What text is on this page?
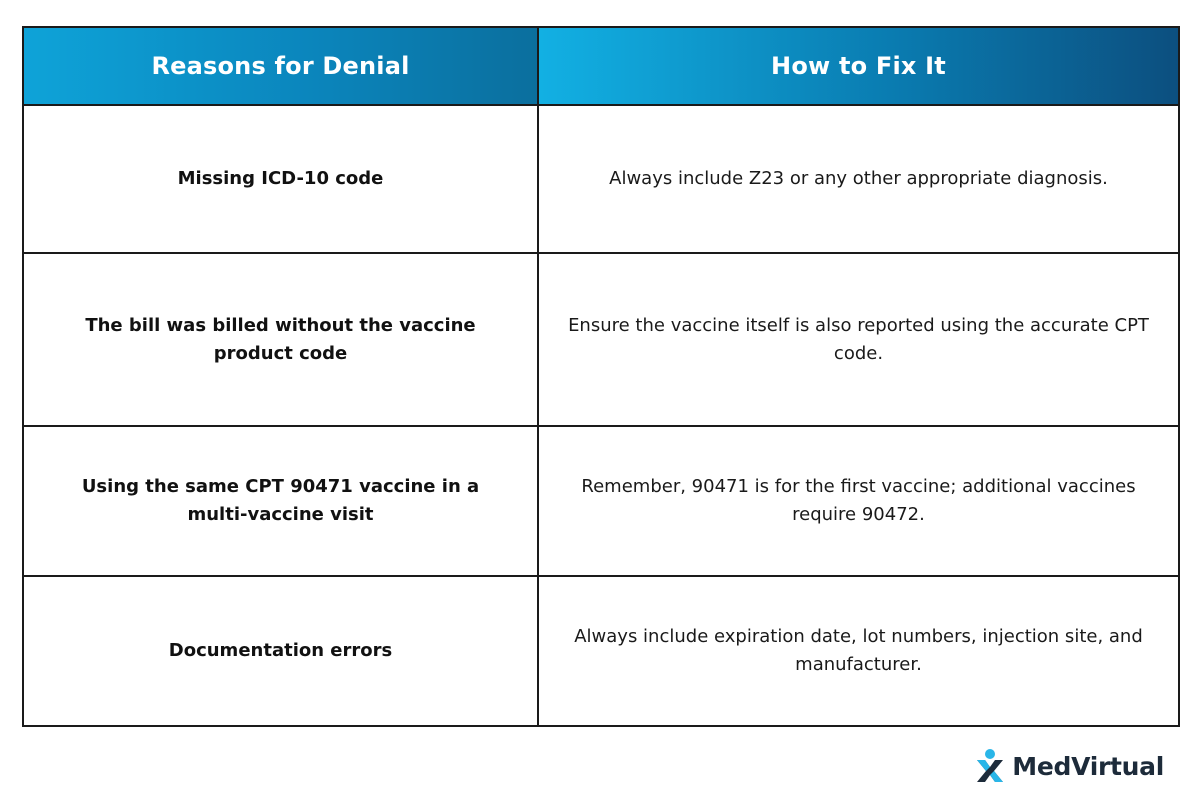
Reasons for Denial	How to Fix It
Missing ICD-10 code	Always include Z23 or any other appropriate diagnosis.
The bill was billed without the vaccine product code	Ensure the vaccine itself is also reported using the accurate CPT code.
Using the same CPT 90471 vaccine in a multi-vaccine visit	Remember, 90471 is for the first vaccine; additional vaccines require 90472.
Documentation errors	Always include expiration date, lot numbers, injection site, and manufacturer.
MedVirtual
